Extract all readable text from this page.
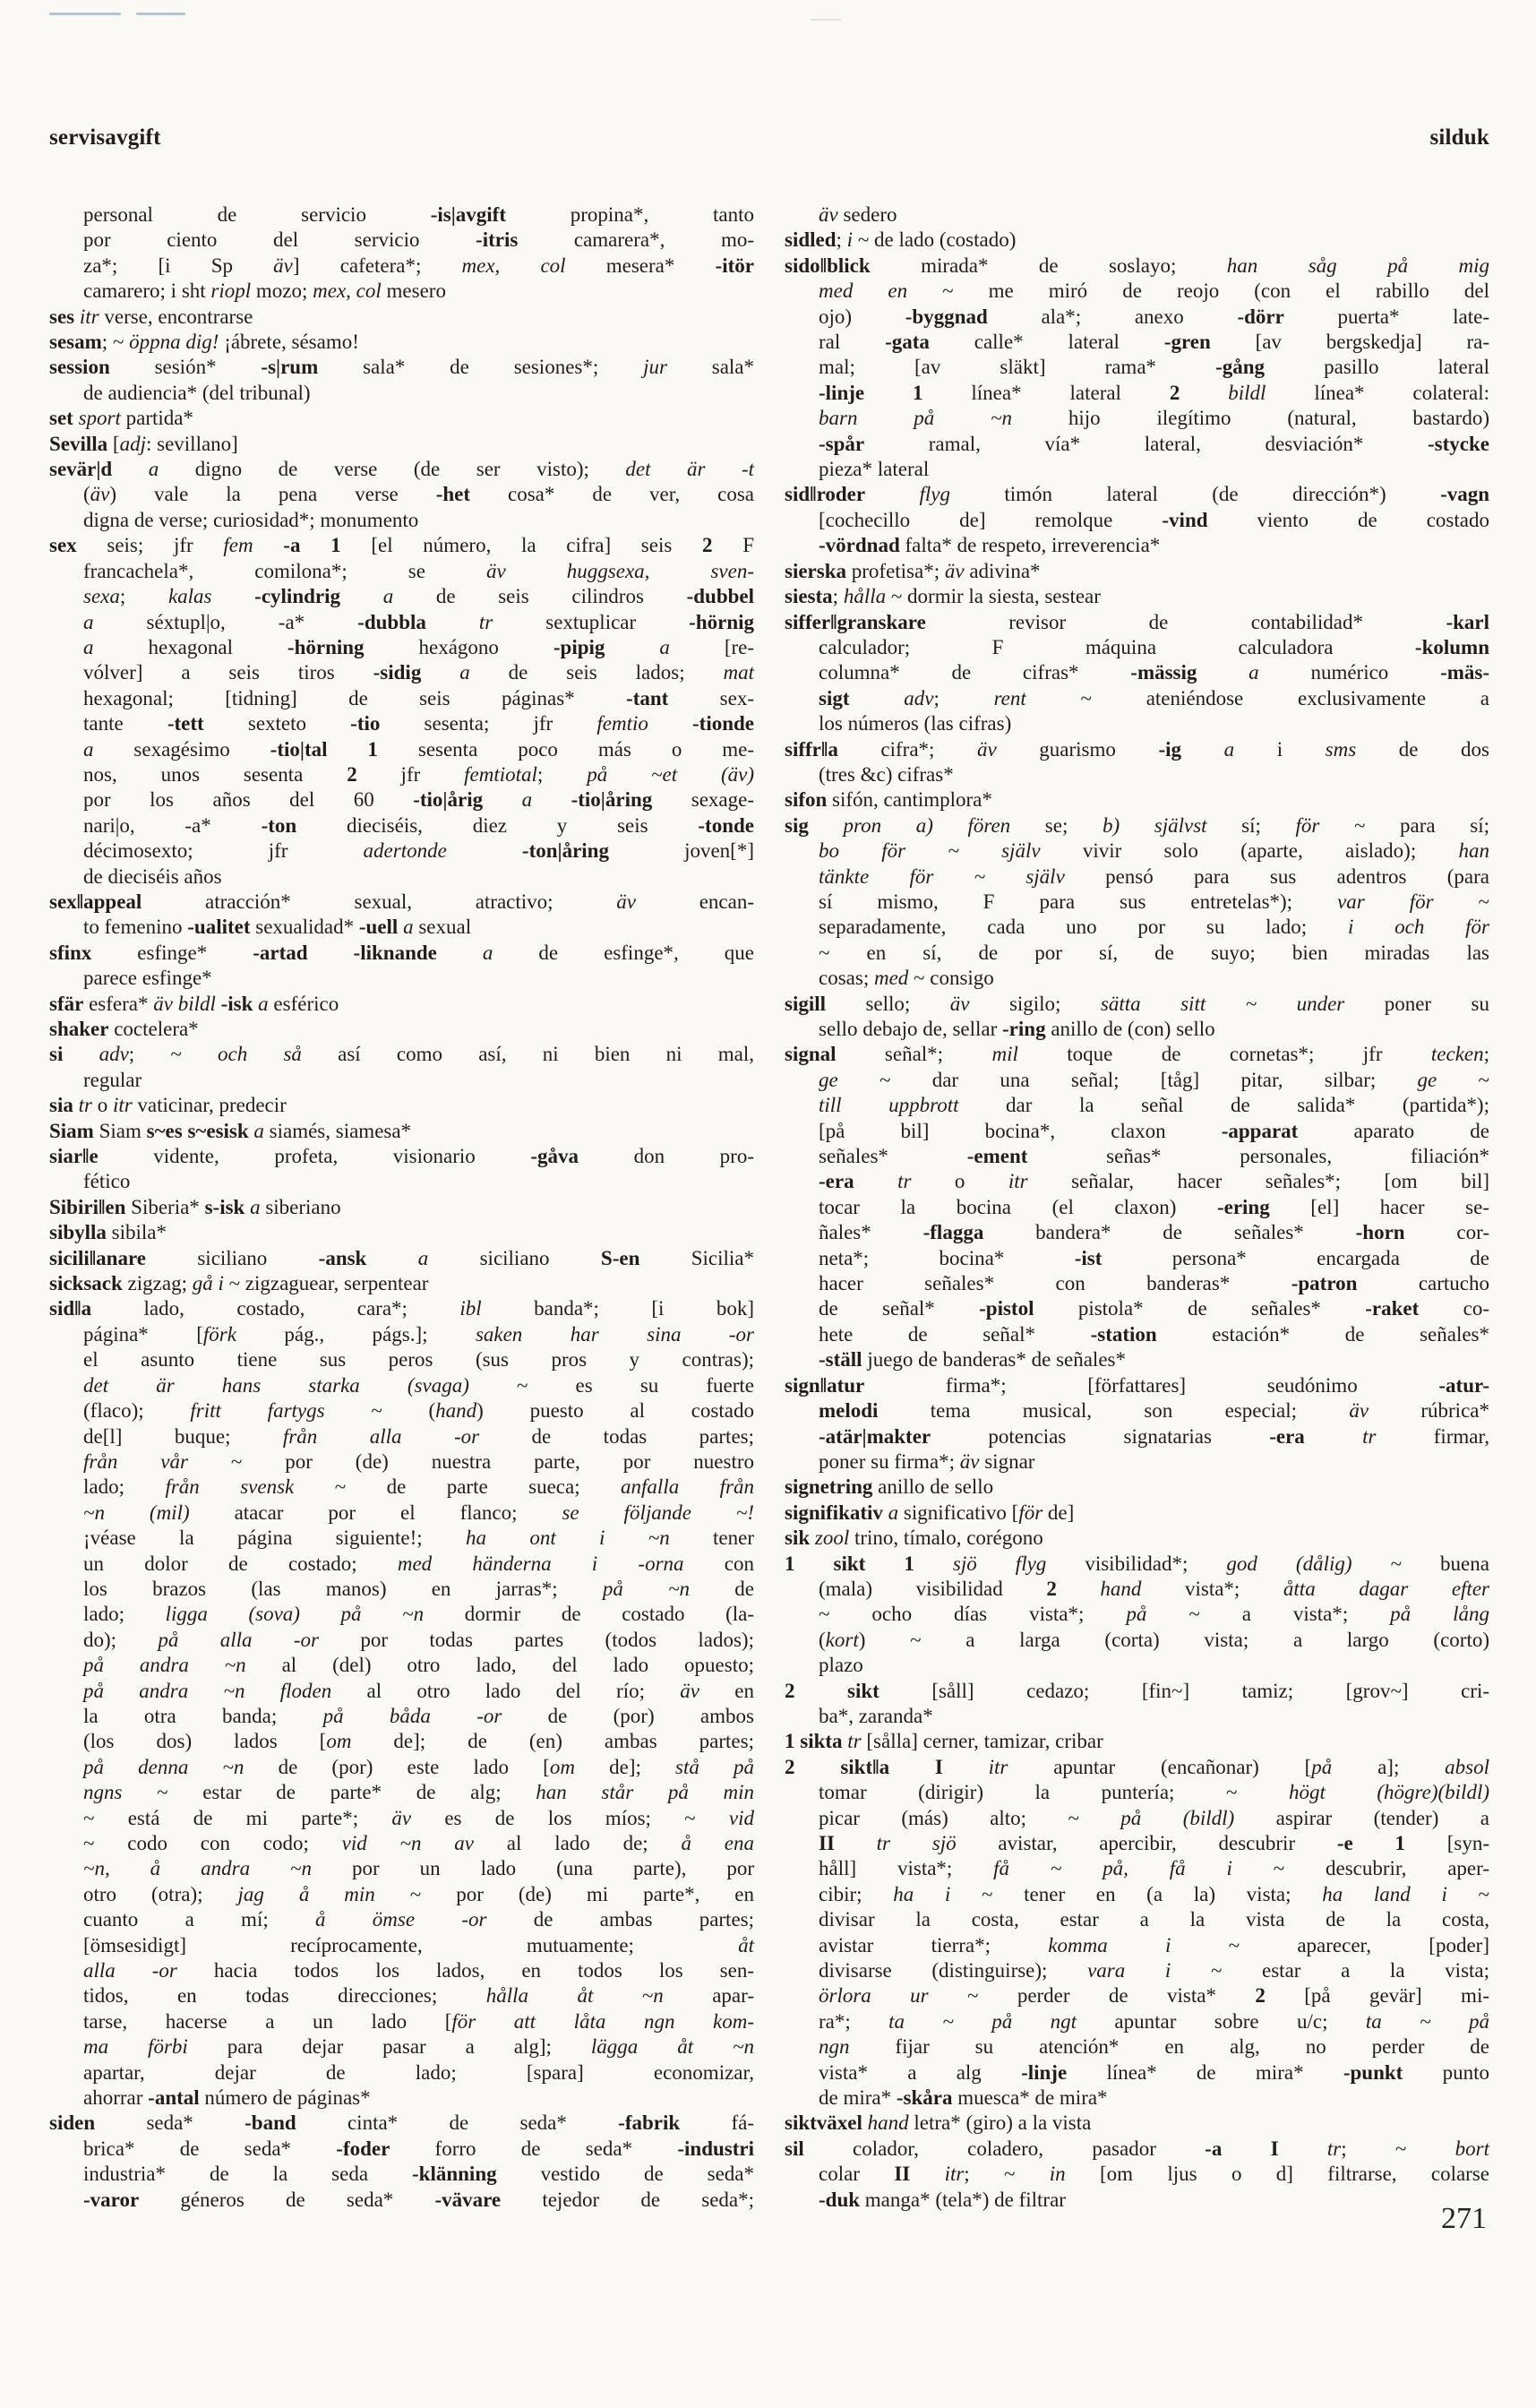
servisavgift	silduk
personal de servicio -is|avgift propina*, tanto
por ciento del servicio -itris camarera*, mo-
za*; [i Sp äv] cafetera*; mex, col mesera* -itör
camarero; i sht riopl mozo; mex, col mesero
ses itr verse, encontrarse
sesam; ~ öppna dig! ¡ábrete, sésamo!
session sesión* -s|rum sala* de sesiones*; jur sala*
de audiencia* (del tribunal)
set sport partida*
Sevilla [adj: sevillano]
sevär|d a digno de verse (de ser visto); det är -t
(äv) vale la pena verse -het cosa* de ver, cosa
digna de verse; curiosidad*; monumento
sex seis; jfr fem -a 1 [el número, la cifra] seis 2 F
francachela*, comilona*; se äv huggsexa, sven-
sexa; kalas -cylindrig a de seis cilindros -dubbel
a séxtupl|o, -a* -dubbla	tr sextuplicar -hörnig
a hexagonal -hörning hexágono -pipig	a [re-
vólver] a seis tiros -sidig a de seis lados; mat
hexagonal; [tidning] de seis páginas* -tant sex-
tante -tett sexteto -tio sesenta; jfr femtio -tionde
a sexagésimo -tio|tal 1 sesenta poco más o me-
nos, unos sesenta 2 jfr femtiotal; på ~et (äv)
por los años del 60 -tio|årig a -tio|åring sexage-
nari|o, -a* -ton dieciséis, diez y seis -tonde
décimosexto; jfr adertonde	-ton|åring joven[*]
de dieciséis años
sex‖appeal atracción* sexual, atractivo; äv encan-
to femenino -ualitet sexualidad* -uell a sexual
sfinx esfinge* -artad -liknande a de esfinge*, que
parece esfinge*
sfär esfera* äv bildl -isk a esférico
shaker coctelera*
si adv; ~ och så así como así, ni bien ni mal,
regular
sia tr o itr vaticinar, predecir
Siam Siam s~es s~esisk a siamés, siamesa*
siar‖e vidente, profeta, visionario -gåva don pro-
fético
Sibiri‖en Siberia* s-isk a siberiano
sibylla sibila*
sicili‖anare siciliano -ansk a siciliano S-en Sicilia*
sicksack zigzag; gå i ~ zigzaguear, serpentear
sid‖a lado, costado, cara*; ibl banda*; [i bok]
página* [förk pág., págs.]; saken har sina -or
el asunto tiene sus peros (sus pros y contras);
det är hans starka (svaga) ~ es su fuerte
(flaco); fritt fartygs ~ (hand) puesto al costado
de[l] buque; från alla -or de todas partes;
från vår ~ por (de) nuestra parte, por nuestro
lado; från svensk ~ de parte sueca; anfalla från
~n (mil) atacar por el flanco; se följande ~!
¡véase la página siguiente!; ha ont i ~n tener
un dolor de costado; med händerna i -orna con
los brazos (las manos) en jarras*; på ~n de
lado; ligga (sova) på ~n dormir de costado (la-
do); på alla -or por todas partes (todos lados);
på andra ~n al (del) otro lado, del lado opuesto;
på andra ~n floden al otro lado del río; äv en
la otra banda; på båda -or de (por) ambos
(los dos) lados [om de]; de (en) ambas partes;
på denna ~n de (por) este lado [om de]; stå på
ngns ~ estar de parte* de alg; han står på min
~ está de mi parte*; äv es de los míos; ~ vid
~ codo con codo; vid ~n av al lado de; å ena
~n, å andra ~n por un lado (una parte), por
otro (otra); jag å min ~ por (de) mi parte*, en
cuanto a mí; å ömse -or de ambas partes;
[ömsesidigt] recíprocamente, mutuamente; åt
alla -or hacia todos los lados, en todos los sen-
tidos, en todas direcciones; hålla åt ~n apar-
tarse, hacerse a un lado [för att låta ngn kom-
ma förbi para dejar pasar a alg]; lägga åt ~n
apartar, dejar de lado; [spara] economizar,
ahorrar -antal número de páginas*
siden seda* -band cinta* de seda* -fabrik fá-
brica* de seda* -foder forro de seda* -industri
industria* de la seda -klänning vestido de seda*
-varor géneros de seda* -vävare tejedor de seda*;
äv sedero
sidled; i ~ de lado (costado)
sido‖blick mirada* de soslayo; han såg på mig
med en ~ me miró de reojo (con el rabillo del
ojo) -byggnad ala*; anexo -dörr puerta* late-
ral -gata calle* lateral -gren [av bergskedja] ra-
mal; [av släkt] rama* -gång pasillo lateral
-linje 1 línea* lateral 2 bildl línea* colateral:
barn på ~n hijo ilegítimo (natural, bastardo)
-spår ramal, vía* lateral, desviación* -stycke
pieza* lateral
sid‖roder	flyg timón lateral (de dirección*) -vagn
[cochecillo de] remolque -vind viento de costado
-vördnad falta* de respeto, irreverencia*
sierska profetisa*; äv adivina*
siesta; hålla ~ dormir la siesta, sestear
siffer‖granskare revisor de contabilidad* -karl
calculador; F máquina calculadora -kolumn
columna* de cifras* -mässig	a numérico -mäs-
sigt	adv; rent ~ ateniéndose exclusivamente a
los números (las cifras)
siffr‖a cifra*; äv guarismo -ig a i sms de dos
(tres &c) cifras*
sifon sifón, cantimplora*
sig pron a) fören se; b) självst sí; för ~ para sí;
bo för ~ själv vivir solo (aparte, aislado); han
tänkte för ~ själv pensó para sus adentros (para
sí mismo, F para sus entretelas*); var för ~
separadamente, cada uno por su lado; i och för
~ en sí, de por sí, de suyo; bien miradas las
cosas; med ~ consigo
sigill sello; äv sigilo; sätta sitt ~ under poner su
sello debajo de, sellar -ring anillo de (con) sello
signal señal*; mil toque de cornetas*; jfr tecken;
ge ~ dar una señal; [tåg] pitar, silbar; ge ~
till uppbrott dar la señal de salida* (partida*);
[på bil] bocina*, claxon -apparat aparato de
señales* -ement señas* personales, filiación*
-era tr o itr señalar, hacer señales*; [om bil]
tocar la bocina (el claxon) -ering [el] hacer se-
ñales* -flagga bandera* de señales* -horn cor-
neta*; bocina* -ist persona* encargada de
hacer señales* con banderas* -patron cartucho
de señal* -pistol pistola* de señales* -raket co-
hete de señal* -station estación* de señales*
-ställ juego de banderas* de señales*
sign‖atur firma*; [författares] seudónimo -atur-
melodi tema musical, son especial; äv rúbrica*
-atär|makter potencias signatarias -era	tr firmar,
poner su firma*; äv signar
signetring anillo de sello
signifikativ a significativo [för de]
sik zool trino, tímalo, corégono
1 sikt 1 sjö flyg visibilidad*; god (dålig) ~ buena
(mala) visibilidad 2 hand vista*; åtta dagar efter
~ ocho días vista*; på ~ a vista*; på lång
(kort) ~ a larga (corta) vista; a largo (corto)
plazo
2 sikt [såll] cedazo; [fin~] tamiz; [grov~] cri-
ba*, zaranda*
1 sikta tr [sålla] cerner, tamizar, cribar
2 sikt‖a I itr apuntar (encañonar) [på a]; absol
tomar (dirigir) la puntería; ~ högt (högre)(bildl)
picar (más) alto; ~ på (bildl) aspirar (tender) a
II tr sjö avistar, apercibir, descubrir -e 1 [syn-
håll] vista*; få ~ på, få i ~ descubrir, aper-
cibir; ha i ~ tener en (a la) vista; ha land i ~
divisar la costa, estar a la vista de la costa,
avistar tierra*; komma i ~ aparecer, [poder]
divisarse (distinguirse); vara i ~ estar a la vista;
örlora ur ~ perder de vista* 2 [på gevär] mi-
ra*; ta ~ på ngt apuntar sobre u/c; ta ~ på
ngn fijar su atención* en alg, no perder de
vista* a alg -linje línea* de mira* -punkt punto
de mira* -skåra muesca* de mira*
siktväxel hand letra* (giro) a la vista
sil colador, coladero, pasador -a I tr; ~ bort
colar II itr; ~ in [om ljus o d] filtrarse, colarse
-duk manga* (tela*) de filtrar
271
